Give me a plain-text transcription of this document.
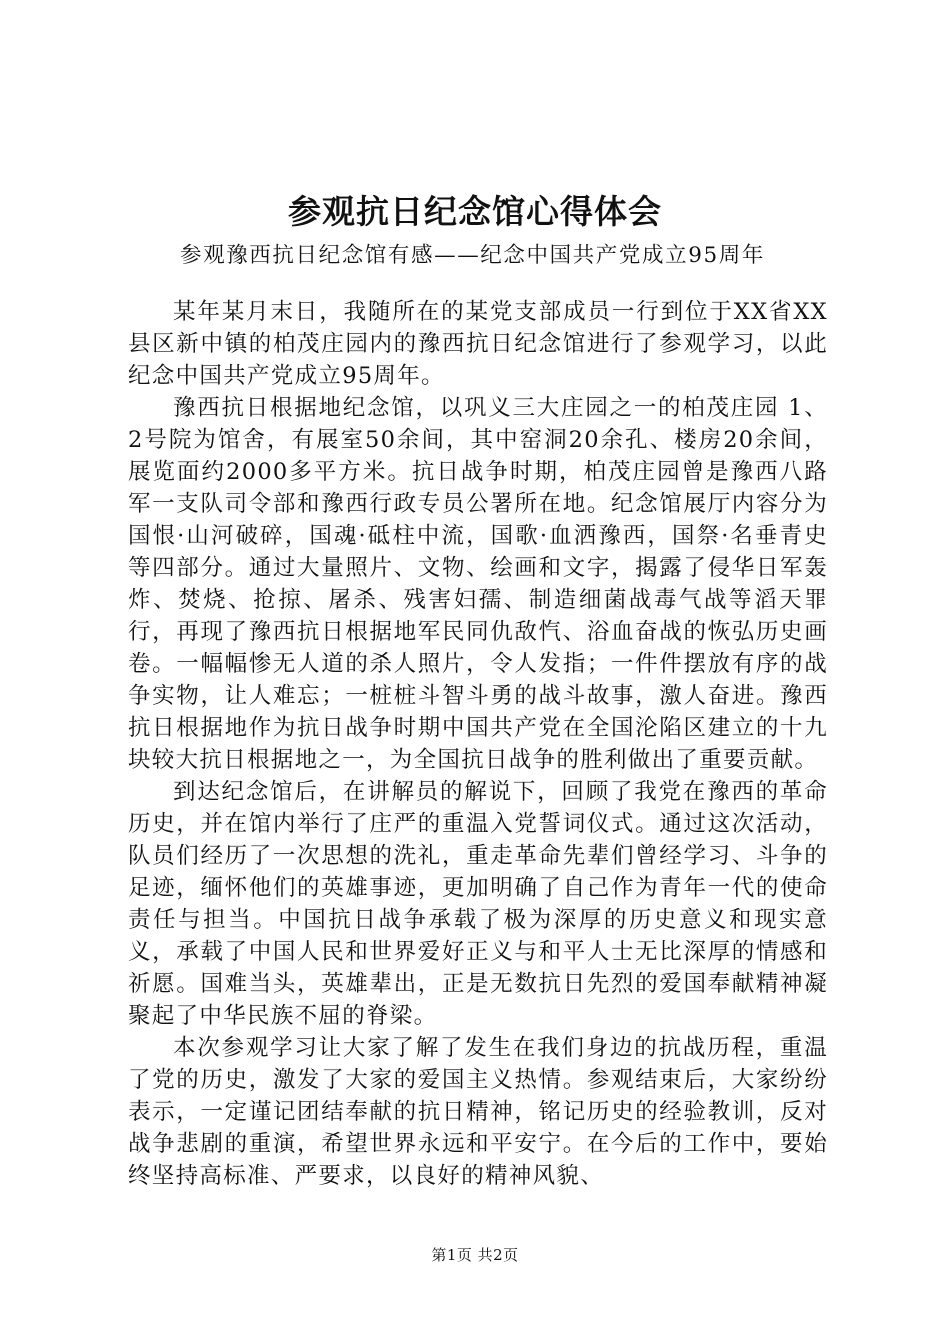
参观抗日纪念馆心得体会
参观豫西抗日纪念馆有感——纪念中国共产党成立95周年

某年某月末日，我随所在的某党支部成员一行到位于XX省XX县区新中镇的柏茂庄园内的豫西抗日纪念馆进行了参观学习，以此纪念中国共产党成立95周年。

豫西抗日根据地纪念馆，以巩义三大庄园之一的柏茂庄园 1、2号院为馆舍，有展室50余间，其中窑洞20余孔、楼房20余间，展览面约2000多平方米。抗日战争时期，柏茂庄园曾是豫西八路军一支队司令部和豫西行政专员公署所在地。纪念馆展厅内容分为国恨·山河破碎，国魂·砥柱中流，国歌·血洒豫西，国祭·名垂青史等四部分。通过大量照片、文物、绘画和文字，揭露了侵华日军轰炸、焚烧、抢掠、屠杀、残害妇孺、制造细菌战毒气战等滔天罪行，再现了豫西抗日根据地军民同仇敌忾、浴血奋战的恢弘历史画卷。一幅幅惨无人道的杀人照片，令人发指；一件件摆放有序的战争实物，让人难忘；一桩桩斗智斗勇的战斗故事，激人奋进。豫西抗日根据地作为抗日战争时期中国共产党在全国沦陷区建立的十九块较大抗日根据地之一，为全国抗日战争的胜利做出了重要贡献。

到达纪念馆后，在讲解员的解说下，回顾了我党在豫西的革命历史，并在馆内举行了庄严的重温入党誓词仪式。通过这次活动，队员们经历了一次思想的洗礼，重走革命先辈们曾经学习、斗争的足迹，缅怀他们的英雄事迹，更加明确了自己作为青年一代的使命责任与担当。中国抗日战争承载了极为深厚的历史意义和现实意义，承载了中国人民和世界爱好正义与和平人士无比深厚的情感和祈愿。国难当头，英雄辈出，正是无数抗日先烈的爱国奉献精神凝聚起了中华民族不屈的脊梁。

本次参观学习让大家了解了发生在我们身边的抗战历程，重温了党的历史，激发了大家的爱国主义热情。参观结束后，大家纷纷表示，一定谨记团结奉献的抗日精神，铭记历史的经验教训，反对战争悲剧的重演，希望世界永远和平安宁。在今后的工作中，要始终坚持高标准、严要求，以良好的精神风貌、

第1页 共2页
